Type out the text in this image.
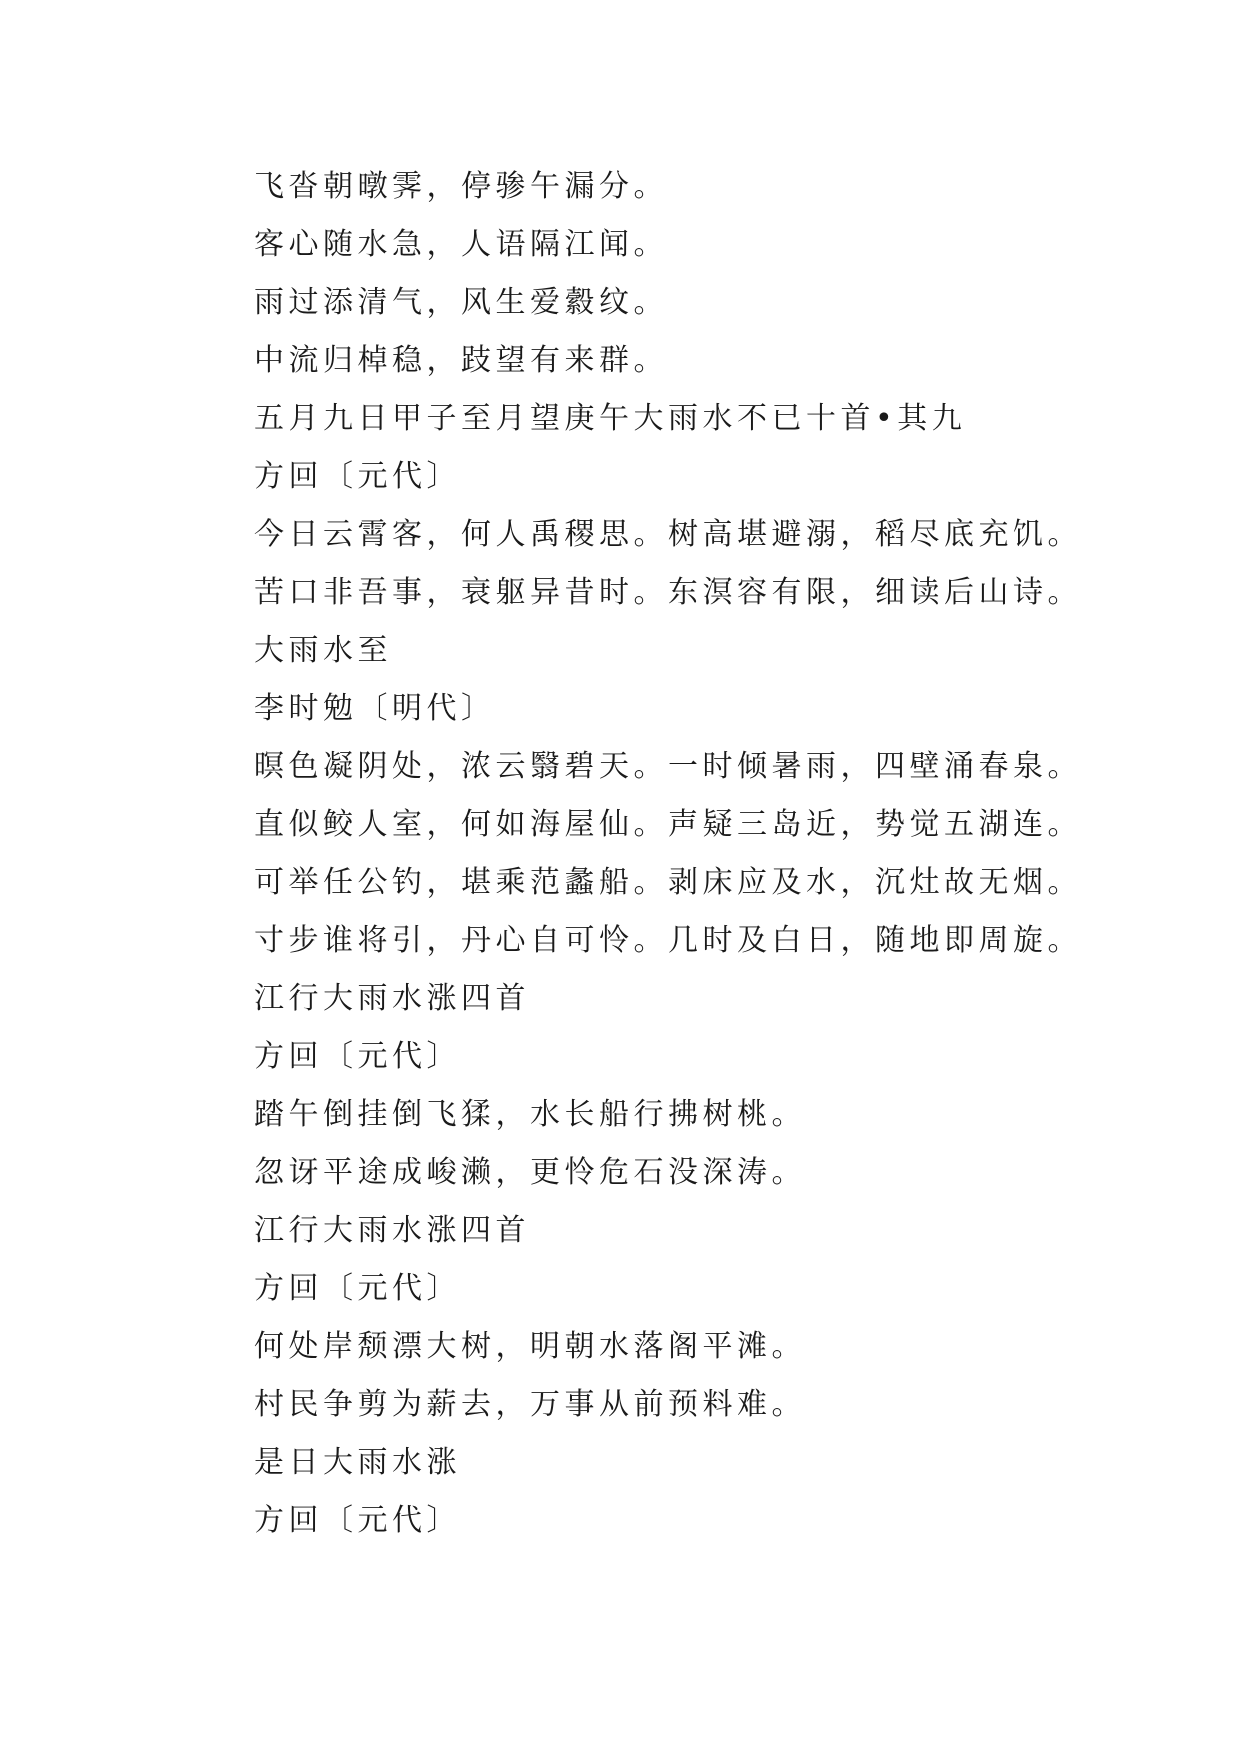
飞沓朝暾霁，停骖午漏分。
客心随水急，人语隔江闻。
雨过添清气，风生爱縠纹。
中流归棹稳，跂望有来群。
五月九日甲子至月望庚午大雨水不已十首•其九
方回〔元代〕
今日云霄客，何人禹稷思。树高堪避溺，稻尽底充饥。
苦口非吾事，衰躯异昔时。东溟容有限，细读后山诗。
大雨水至
李时勉〔明代〕
暝色凝阴处，浓云翳碧天。一时倾暑雨，四壁涌春泉。
直似鲛人室，何如海屋仙。声疑三岛近，势觉五湖连。
可举任公钓，堪乘范蠡船。剥床应及水，沉灶故无烟。
寸步谁将引，丹心自可怜。几时及白日，随地即周旋。
江行大雨水涨四首
方回〔元代〕
踏午倒挂倒飞猱，水长船行拂树桃。
忽讶平途成峻濑，更怜危石没深涛。
江行大雨水涨四首
方回〔元代〕
何处岸颓漂大树，明朝水落阁平滩。
村民争剪为薪去，万事从前预料难。
是日大雨水涨
方回〔元代〕
